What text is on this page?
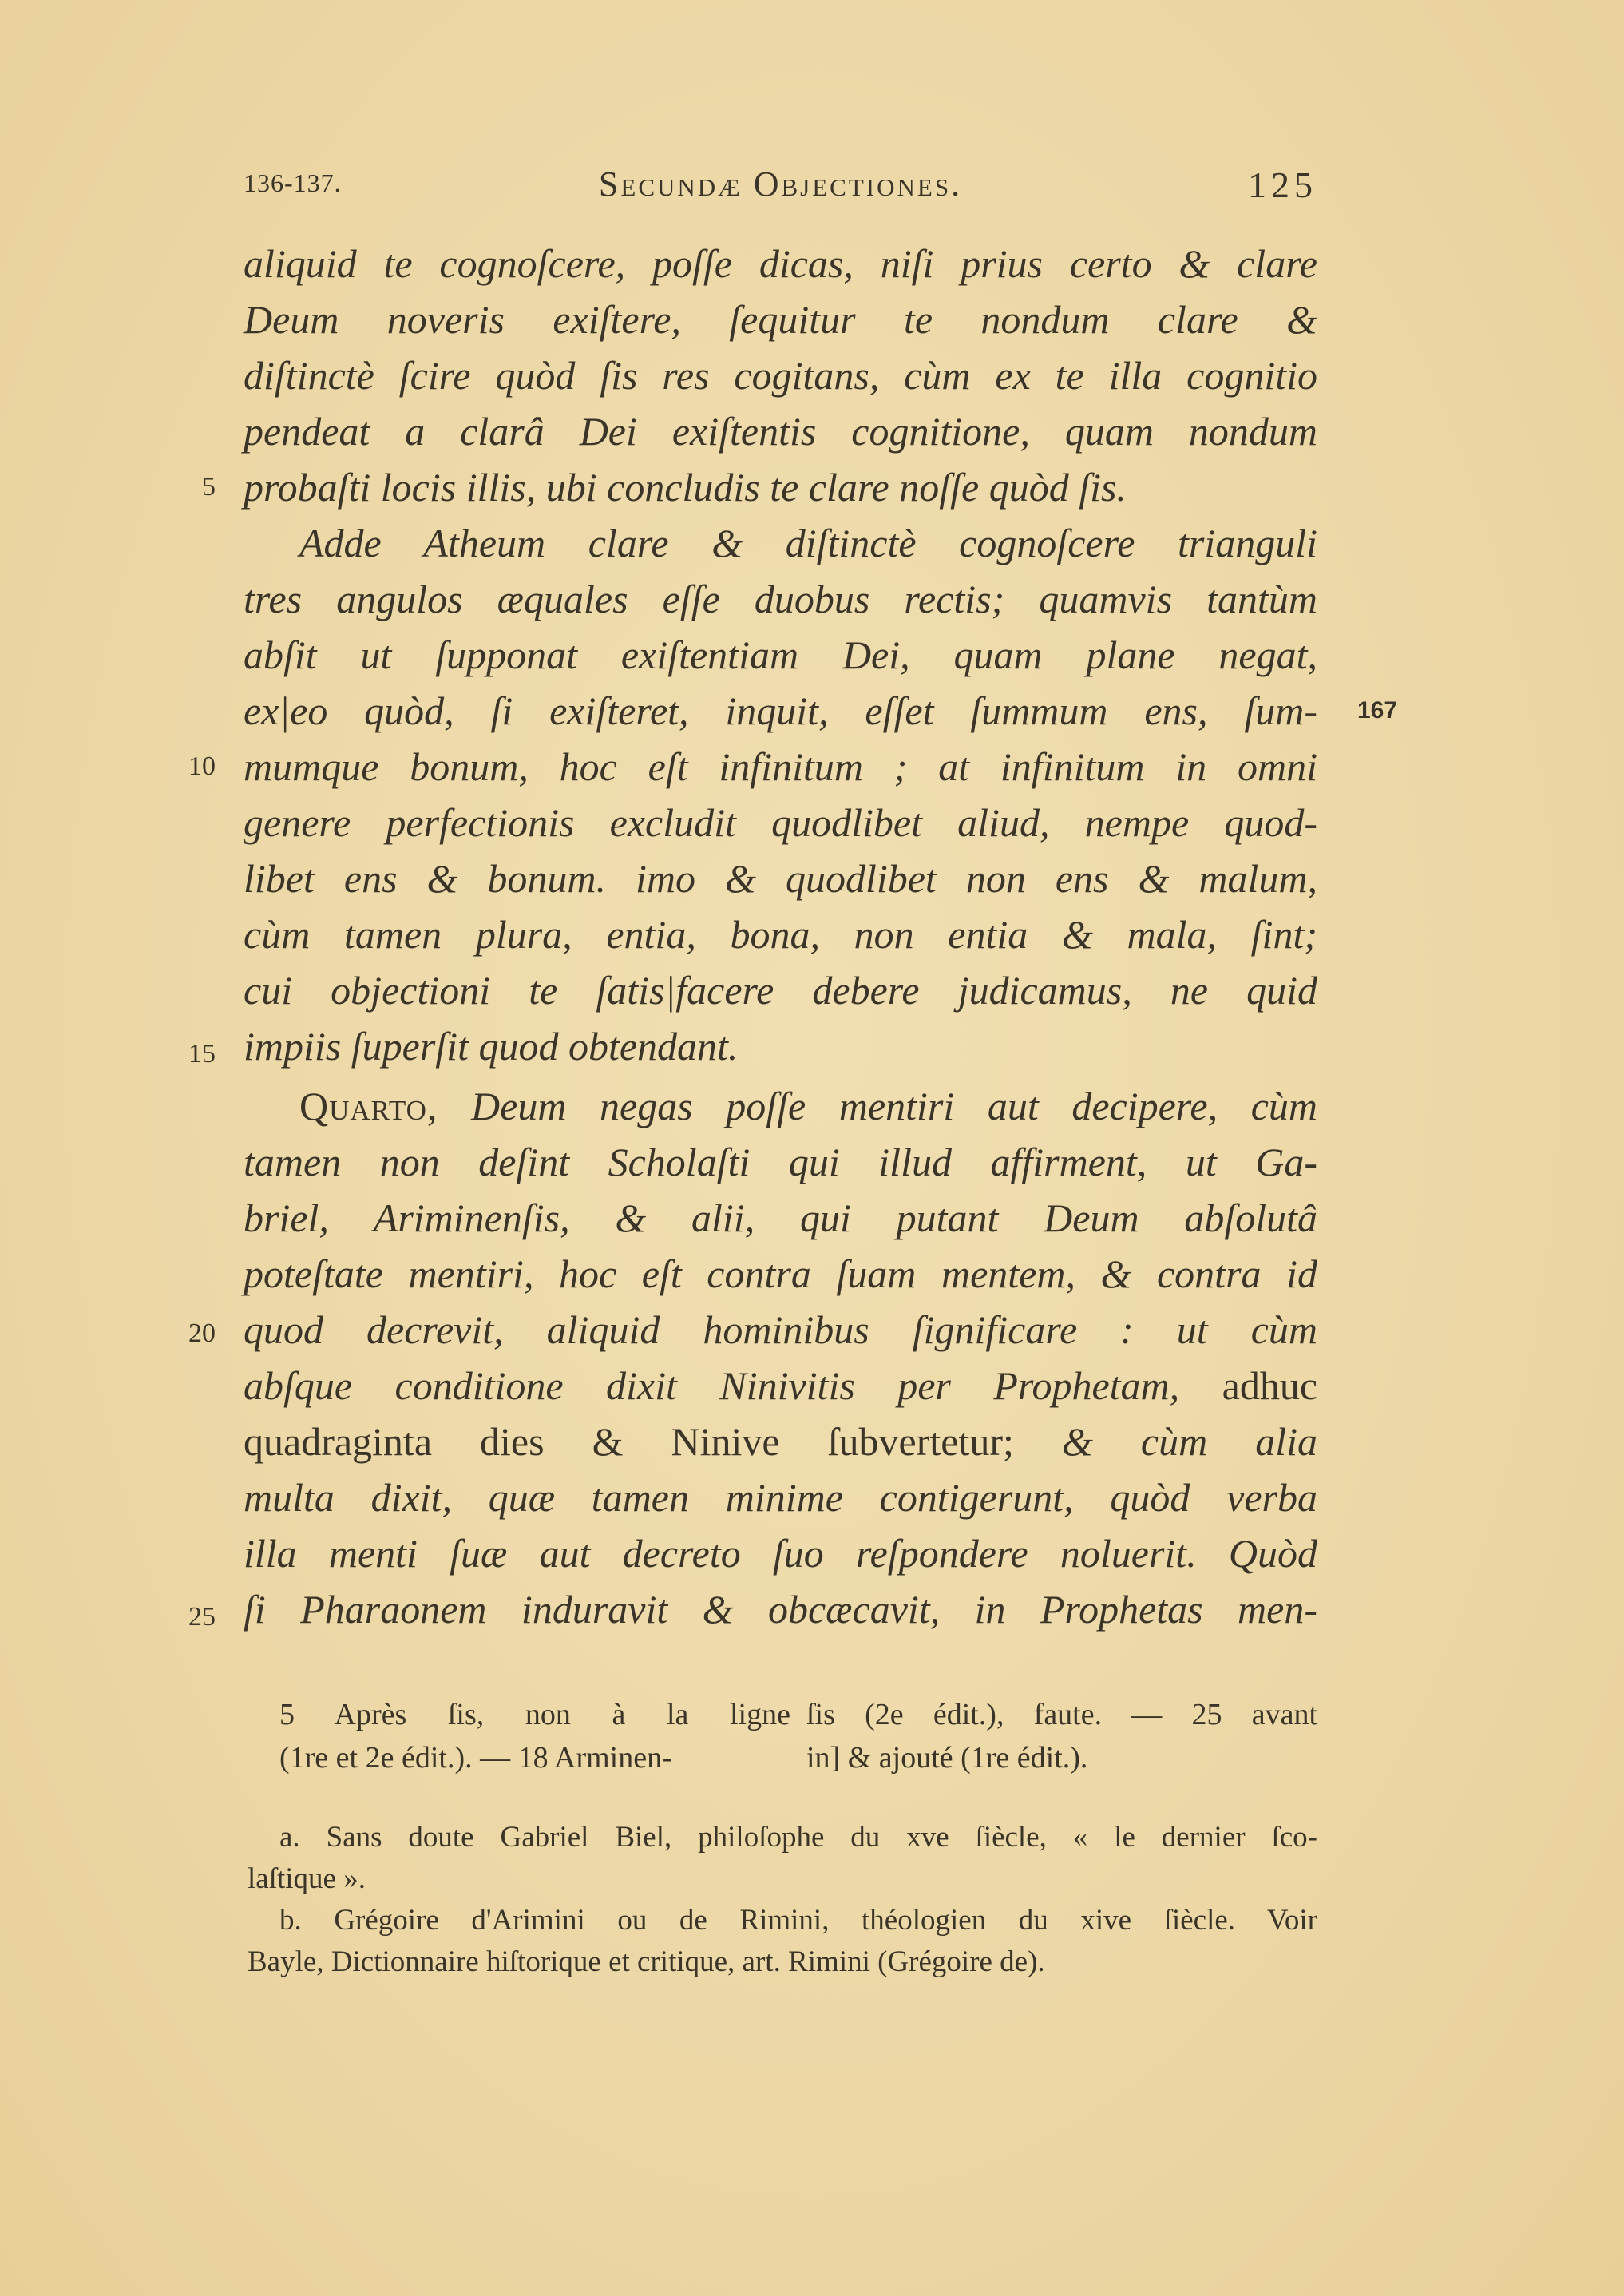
136-137.	Secundæ Objectiones.	125
5
10
15
20
25
167
aliquid te cognoſcere, poſſe dicas, niſi prius certo & clare
Deum noveris exiſtere, ſequitur te nondum clare &
diſtinctè ſcire quòd ſis res cogitans, cùm ex te illa cognitio
pendeat a clarâ Dei exiſtentis cognitione, quam nondum
probaſti locis illis, ubi concludis te clare noſſe quòd ſis.
Adde Atheum clare & diſtinctè cognoſcere trianguli
tres angulos æquales eſſe duobus rectis; quamvis tantùm
abſit ut ſupponat exiſtentiam Dei, quam plane negat,
ex|eo quòd, ſi exiſteret, inquit, eſſet ſummum ens, ſum-
mumque bonum, hoc eſt infinitum ; at infinitum in omni
genere perfectionis excludit quodlibet aliud, nempe quod-
libet ens & bonum. imo & quodlibet non ens & malum,
cùm tamen plura, entia, bona, non entia & mala, ſint;
cui objectioni te ſatis|facere debere judicamus, ne quid
impiis ſuperſit quod obtendant.
Quarto, Deum negas poſſe mentiri aut decipere, cùm
tamen non deſint Scholaſti qui illud affirment, ut Ga-
briel, Ariminenſis, & alii, qui putant Deum abſolutâ
poteſtate mentiri, hoc eſt contra ſuam mentem, & contra id
quod decrevit, aliquid hominibus ſignificare : ut cùm
abſque conditione dixit Ninivitis per Prophetam, adhuc
quadraginta dies & Ninive ſubvertetur; & cùm alia
multa dixit, quæ tamen minime contigerunt, quòd verba
illa menti ſuæ aut decreto ſuo reſpondere noluerit. Quòd
ſi Pharaonem induravit & obcæcavit, in Prophetas men-
5 Après ſis, non à la ligne
(1re et 2e édit.). — 18 Arminen-
ſis (2e édit.), faute. — 25 avant
in] & ajouté (1re édit.).
a. Sans doute Gabriel Biel, philoſophe du xve ſiècle, « le dernier ſco-
laſtique ».
b. Grégoire d'Arimini ou de Rimini, théologien du xive ſiècle. Voir
Bayle, Dictionnaire hiſtorique et critique, art. Rimini (Grégoire de).
